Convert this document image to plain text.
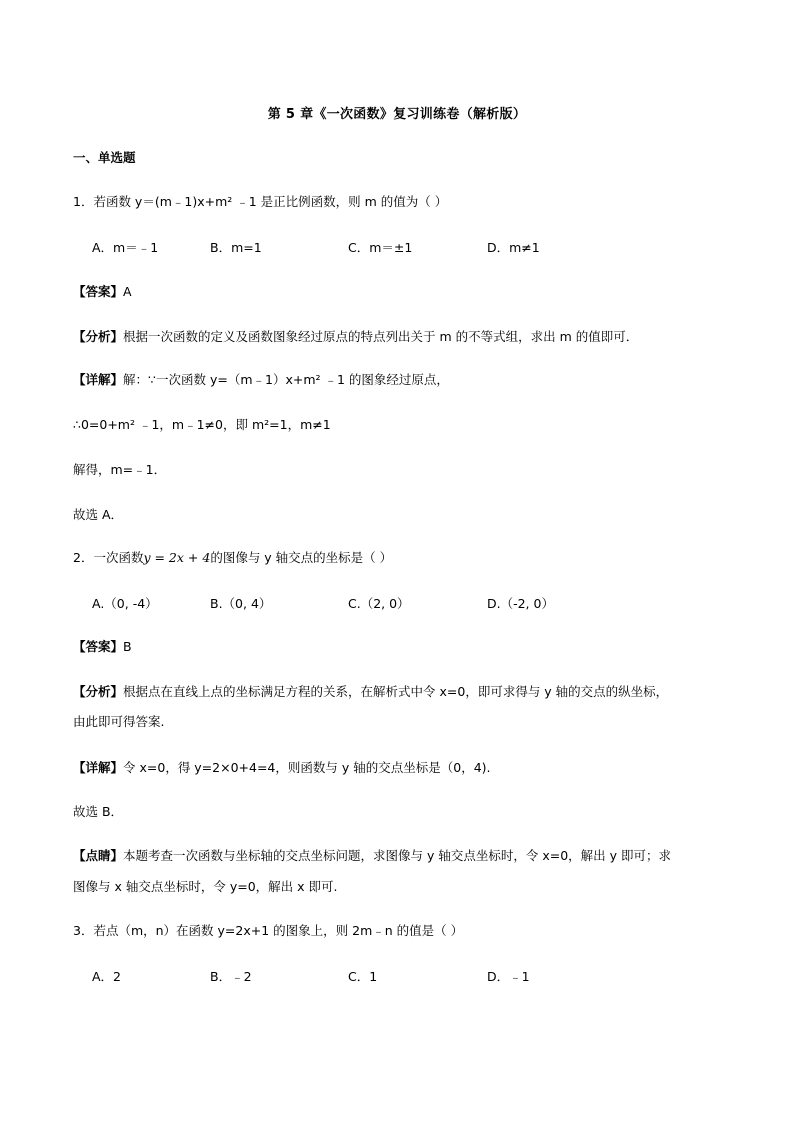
第 5 章《一次函数》复习训练卷（解析版）
一、单选题
1．若函数 y＝(m﹣1)x+m² ﹣1 是正比例函数，则 m 的值为（ ）
A．m＝﹣1	B．m=1	C．m＝±1	D．m≠1
【答案】A
【分析】根据一次函数的定义及函数图象经过原点的特点列出关于 m 的不等式组，求出 m 的值即可．
【详解】解：∵一次函数 y=（m﹣1）x+m² ﹣1 的图象经过原点，
∴0=0+m² ﹣1，m﹣1≠0，即 m²=1，m≠1
解得，m=﹣1．
故选 A．
2．一次函数y = 2x + 4的图像与 y 轴交点的坐标是（ ）
A.（0, -4）	B.（0, 4）	C.（2, 0）	D.（-2, 0）
【答案】B
【分析】根据点在直线上点的坐标满足方程的关系，在解析式中令 x=0，即可求得与 y 轴的交点的纵坐标，
由此即可得答案.
【详解】令 x=0，得 y=2×0+4=4，则函数与 y 轴的交点坐标是（0，4).
故选 B．
【点睛】本题考查一次函数与坐标轴的交点坐标问题，求图像与 y 轴交点坐标时，令 x=0，解出 y 即可；求
图像与 x 轴交点坐标时，令 y=0，解出 x 即可.
3．若点（m，n）在函数 y=2x+1 的图象上，则 2m﹣n 的值是（ ）
A．2	B．﹣2	C．1	D．﹣1
